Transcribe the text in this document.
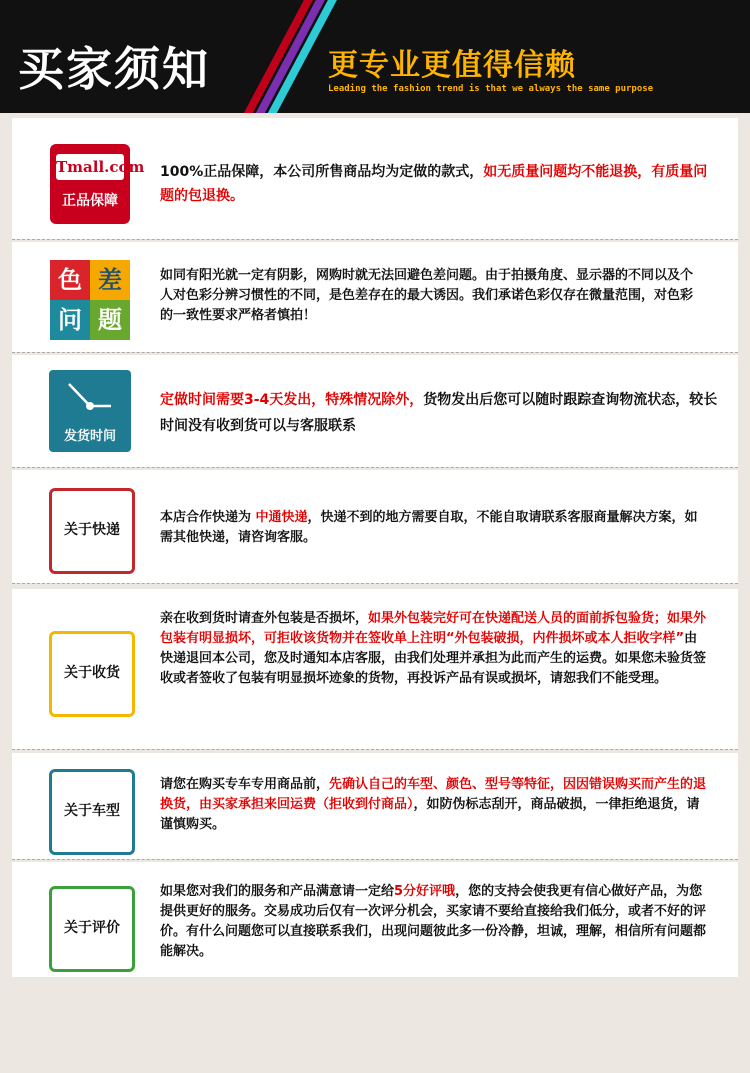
买家须知	更专业更值得信赖
Leading the fashion trend is that we always the same purpose
Tmall.com
正品保障
100%正品保障，本公司所售商品均为定做的款式，如无质量问题均不能退换，有质量问题的包退换。
色 差
问 题
如同有阳光就一定有阴影，网购时就无法回避色差问题。由于拍摄角度、显示器的不同以及个人对色彩分辨习惯性的不同，是色差存在的最大诱因。我们承诺色彩仅存在微量范围，对色彩的一致性要求严格者慎拍！
发货时间
定做时间需要3-4天发出，特殊情况除外，货物发出后您可以随时跟踪查询物流状态，较长时间没有收到货可以与客服联系
关于快递
本店合作快递为 中通快递，快递不到的地方需要自取，不能自取请联系客服商量解决方案，如需其他快递，请咨询客服。
关于收货
亲在收到货时请查外包装是否损坏，如果外包装完好可在快递配送人员的面前拆包验货；如果外包装有明显损坏，可拒收该货物并在签收单上注明“外包装破损，内件损坏或本人拒收字样”由快递退回本公司，您及时通知本店客服，由我们处理并承担为此而产生的运费。如果您未验货签收或者签收了包装有明显损坏迹象的货物，再投诉产品有误或损坏，请恕我们不能受理。
关于车型
请您在购买专车专用商品前，先确认自己的车型、颜色、型号等特征，因因错误购买而产生的退换货，由买家承担来回运费（拒收到付商品），如防伪标志刮开，商品破损，一律拒绝退货，请谨慎购买。
关于评价
如果您对我们的服务和产品满意请一定给5分好评哦，您的支持会使我更有信心做好产品，为您提供更好的服务。交易成功后仅有一次评分机会，买家请不要给直接给我们低分，或者不好的评价。有什么问题您可以直接联系我们，出现问题彼此多一份冷静，坦诚，理解，相信所有问题都能解决。
